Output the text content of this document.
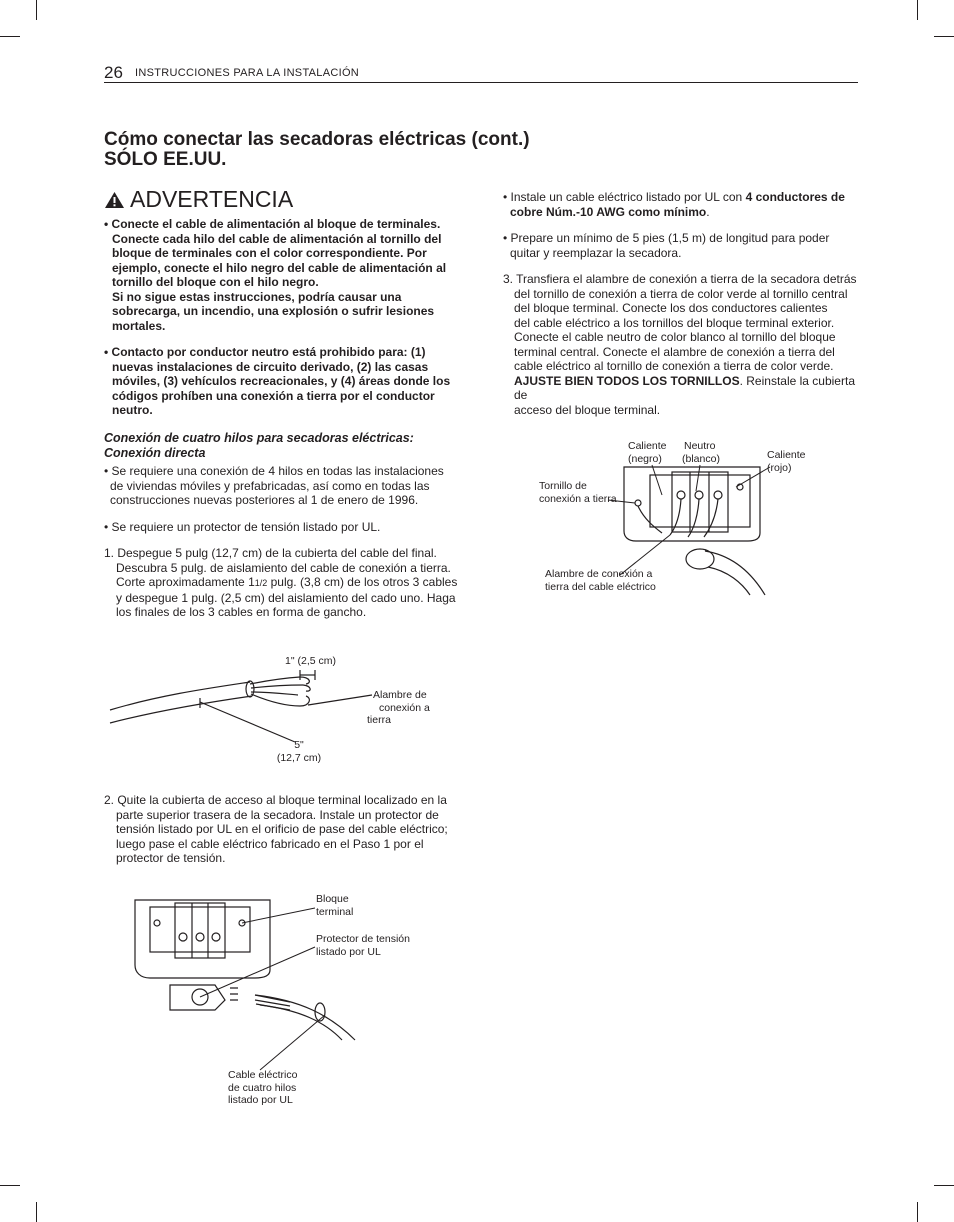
26 INSTRUCCIONES PARA LA INSTALACIÓN
Cómo conectar las secadoras eléctricas (cont.)
SÓLO EE.UU.
ADVERTENCIA
• Conecte el cable de alimentación al bloque de terminales.
Conecte cada hilo del cable de alimentación al tornillo del
bloque de terminales con el color correspondiente. Por
ejemplo, conecte el hilo negro del cable de alimentación al
tornillo del bloque con el hilo negro.
Si no sigue estas instrucciones, podría causar una
sobrecarga, un incendio, una explosión o sufrir lesiones
mortales.
• Contacto por conductor neutro está prohibido para: (1)
nuevas instalaciones de circuito derivado, (2) las casas
móviles, (3) vehículos recreacionales, y (4) áreas donde los
códigos prohíben una conexión a tierra por el conductor
neutro.
Conexión de cuatro hilos para secadoras eléctricas:
Conexión directa
• Se requiere una conexión de 4 hilos en todas las instalaciones
de viviendas móviles y prefabricadas, así como en todas las
construcciones nuevas posteriores al 1 de enero de 1996.
• Se requiere un protector de tensión listado por UL.
1. Despegue 5 pulg (12,7 cm) de la cubierta del cable del final.
Descubra 5 pulg. de aislamiento del cable de conexión a tierra.
Corte aproximadamente 11/2 pulg. (3,8 cm) de los otros 3 cables
y despegue 1 pulg. (2,5 cm) del aislamiento del cado uno. Haga
los finales de los 3 cables en forma de gancho.
1" (2,5 cm)
Alambre de
conexión a
tierra
5"
(12,7 cm)
2. Quite la cubierta de acceso al bloque terminal localizado en la
parte superior trasera de la secadora. Instale un protector de
tensión listado por UL en el orificio de pase del cable eléctrico;
luego pase el cable eléctrico fabricado en el Paso 1 por el
protector de tensión.
Bloque
terminal
Protector de tensión
listado por UL
Cable eléctrico
de cuatro hilos
listado por UL
• Instale un cable eléctrico listado por UL con 4 conductores de
cobre Núm.-10 AWG como mínimo.
• Prepare un mínimo de 5 pies (1,5 m) de longitud para poder
quitar y reemplazar la secadora.
3. Transfiera el alambre de conexión a tierra de la secadora detrás
del tornillo de conexión a tierra de color verde al tornillo central
del bloque terminal. Conecte los dos conductores calientes
del cable eléctrico a los tornillos del bloque terminal exterior.
Conecte el cable neutro de color blanco al tornillo del bloque
terminal central. Conecte el alambre de conexión a tierra del
cable eléctrico al tornillo de conexión a tierra de color verde.
AJUSTE BIEN TODOS LOS TORNILLOS. Reinstale la cubierta de
acceso del bloque terminal.
Caliente
(negro)
Neutro
(blanco)	Caliente
(rojo)
Tornillo de
conexión a tierra
Alambre de conexión a
tierra del cable eléctrico
